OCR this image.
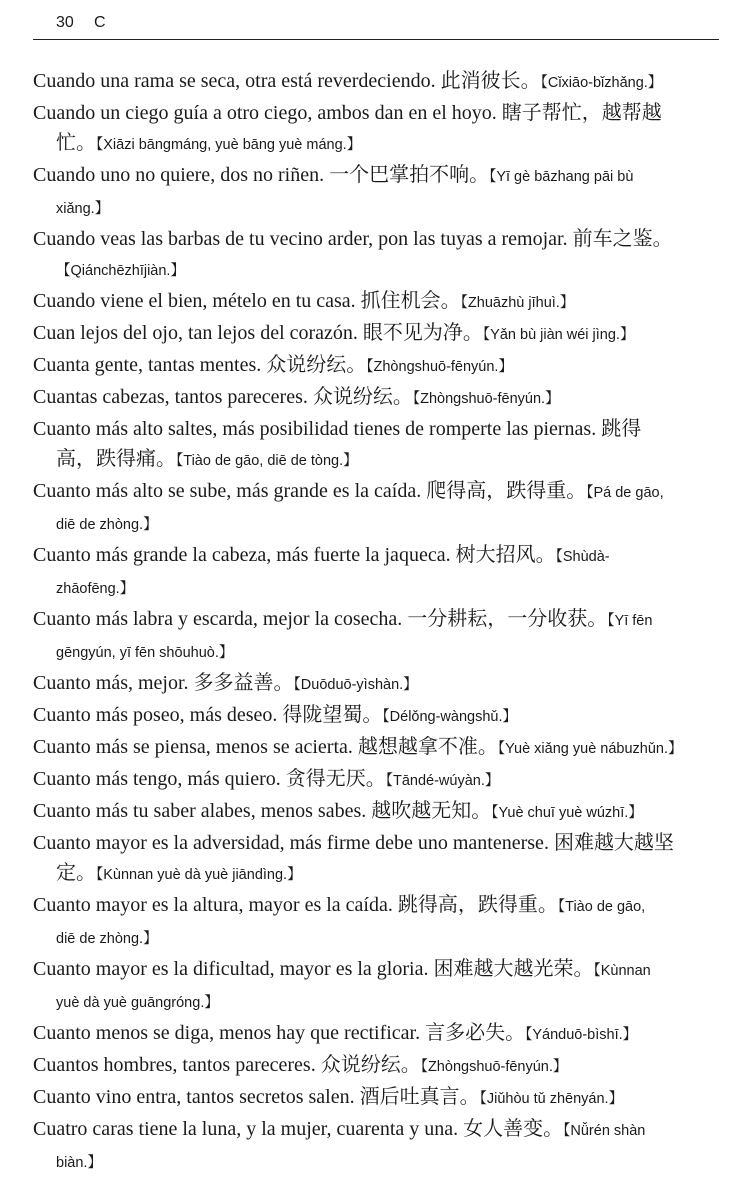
30 C
Cuando una rama se seca, otra está reverdeciendo. 此消彼长。【Cǐxiāo-bǐzhǎng.】
Cuando un ciego guía a otro ciego, ambos dan en el hoyo. 瞎子帮忙，越帮越
忙。【Xiāzi bāngmáng, yuè bāng yuè máng.】
Cuando uno no quiere, dos no riñen. 一个巴掌拍不响。【Yī gè bāzhang pāi bù
xiǎng.】
Cuando veas las barbas de tu vecino arder, pon las tuyas a remojar. 前车之鉴。
【Qiánchēzhījiàn.】
Cuando viene el bien, mételo en tu casa. 抓住机会。【Zhuāzhù jīhuì.】
Cuan lejos del ojo, tan lejos del corazón. 眼不见为净。【Yǎn bù jiàn wéi jìng.】
Cuanta gente, tantas mentes. 众说纷纭。【Zhòngshuō-fēnyún.】
Cuantas cabezas, tantos pareceres. 众说纷纭。【Zhòngshuō-fēnyún.】
Cuanto más alto saltes, más posibilidad tienes de romperte las piernas. 跳得
高，跌得痛。【Tiào de gāo, diē de tòng.】
Cuanto más alto se sube, más grande es la caída. 爬得高，跌得重。【Pá de gāo,
diē de zhòng.】
Cuanto más grande la cabeza, más fuerte la jaqueca. 树大招风。【Shùdà-
zhāofēng.】
Cuanto más labra y escarda, mejor la cosecha. 一分耕耘，一分收获。【Yī fēn
gēngyún, yī fēn shōuhuò.】
Cuanto más, mejor. 多多益善。【Duōduō-yìshàn.】
Cuanto más poseo, más deseo. 得陇望蜀。【Délǒng-wàngshǔ.】
Cuanto más se piensa, menos se acierta. 越想越拿不准。【Yuè xiǎng yuè nábuzhǔn.】
Cuanto más tengo, más quiero. 贪得无厌。【Tāndé-wúyàn.】
Cuanto más tu saber alabes, menos sabes. 越吹越无知。【Yuè chuī yuè wúzhī.】
Cuanto mayor es la adversidad, más firme debe uno mantenerse. 困难越大越坚
定。【Kùnnan yuè dà yuè jiāndìng.】
Cuanto mayor es la altura, mayor es la caída. 跳得高，跌得重。【Tiào de gāo,
diē de zhòng.】
Cuanto mayor es la dificultad, mayor es la gloria. 困难越大越光荣。【Kùnnan
yuè dà yuè guāngróng.】
Cuanto menos se diga, menos hay que rectificar. 言多必失。【Yánduō-bìshī.】
Cuantos hombres, tantos pareceres. 众说纷纭。【Zhòngshuō-fēnyún.】
Cuanto vino entra, tantos secretos salen. 酒后吐真言。【Jiǔhòu tǔ zhēnyán.】
Cuatro caras tiene la luna, y la mujer, cuarenta y una. 女人善变。【Nǚrén shàn
biàn.】
